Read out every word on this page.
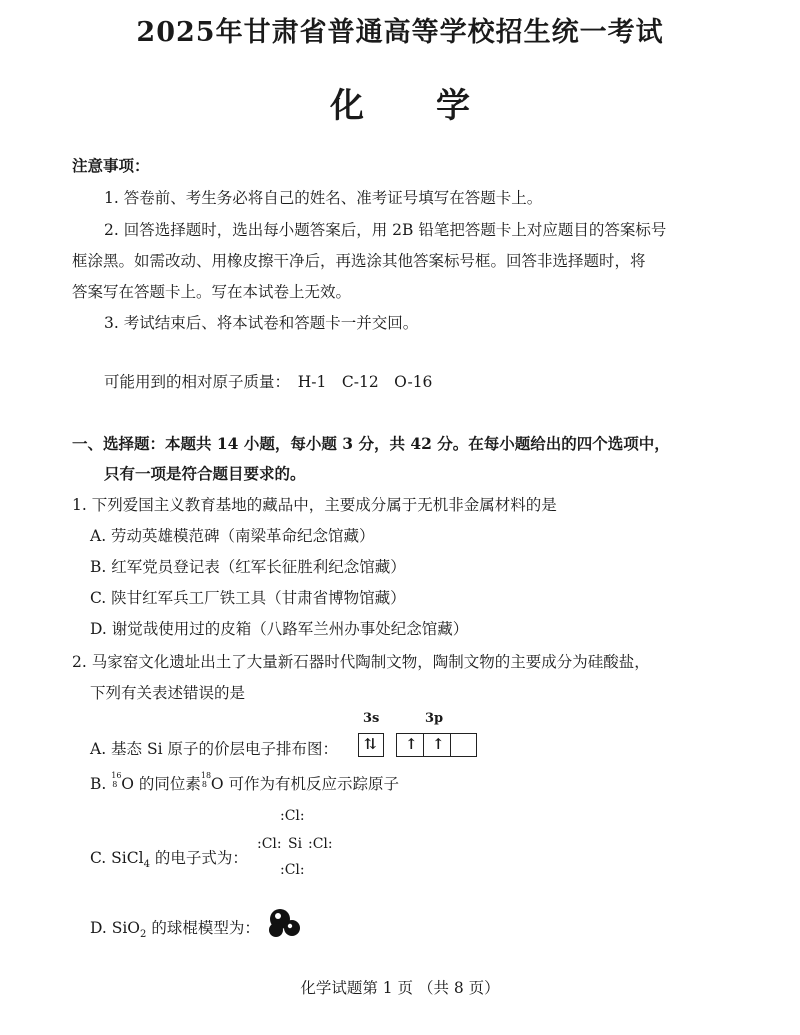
2025年甘肃省普通高等学校招生统一考试
化学
注意事项：
1. 答卷前、考生务必将自己的姓名、准考证号填写在答题卡上。
2. 回答选择题时，选出每小题答案后，用 2B 铅笔把答题卡上对应题目的答案标号
框涂黑。如需改动、用橡皮擦干净后，再选涂其他答案标号框。回答非选择题时，将
答案写在答题卡上。写在本试卷上无效。
3. 考试结束后、将本试卷和答题卡一并交回。
可能用到的相对原子质量：　H-1　C-12　O-16
一、选择题：本题共 14 小题，每小题 3 分，共 42 分。在每小题给出的四个选项中，
只有一项是符合题目要求的。
1. 下列爱国主义教育基地的藏品中，主要成分属于无机非金属材料的是
A. 劳动英雄模范碑（南梁革命纪念馆藏）
B. 红军党员登记表（红军长征胜利纪念馆藏）
C. 陕甘红军兵工厂铁工具（甘肃省博物馆藏）
D. 谢觉哉使用过的皮箱（八路军兰州办事处纪念馆藏）
2. 马家窑文化遗址出土了大量新石器时代陶制文物，陶制文物的主要成分为硅酸盐，
下列有关表述错误的是
A. 基态 Si 原子的价层电子排布图：
3s	3p
⇅ ↑ ↑
B. 16
8 O 的同位素 18
8 O 可作为有机反应示踪原子
C. SiCl$_4$ 的电子式为：
:Cl:
:Cl: Si :Cl:
:Cl:
D. SiO$_2$ 的球棍模型为：
化学试题第 1 页 （共 8 页）
